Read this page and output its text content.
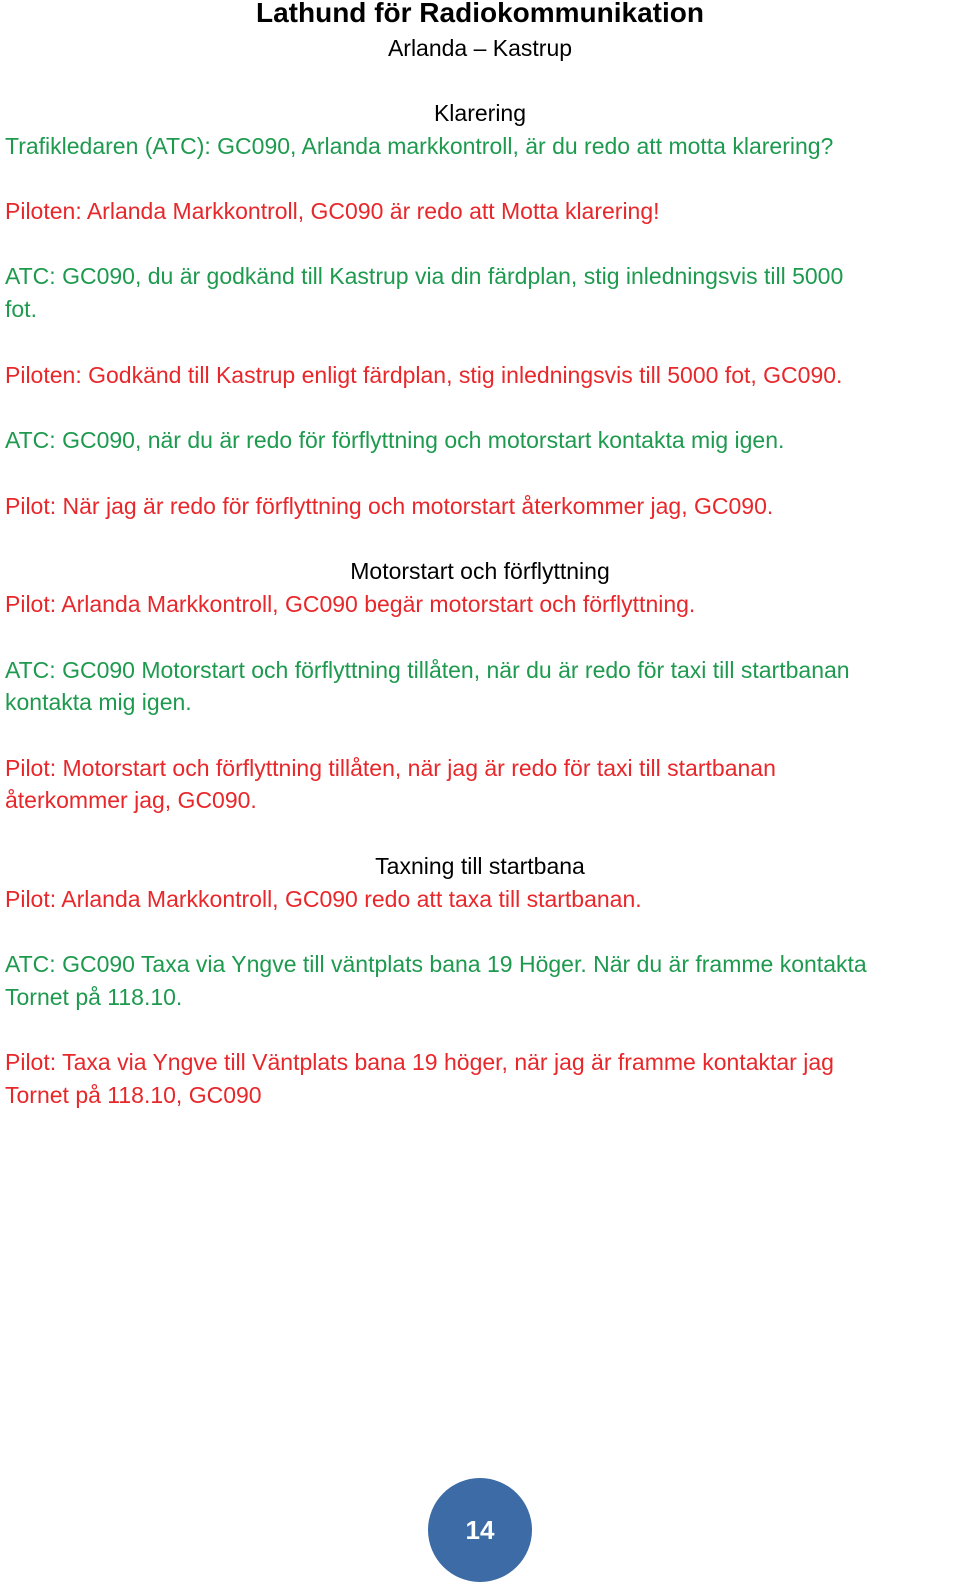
Lathund för Radiokommunikation
Arlanda – Kastrup
Klarering
Trafikledaren (ATC): GC090, Arlanda markkontroll, är du redo att motta klarering?
Piloten: Arlanda Markkontroll, GC090 är redo att Motta klarering!
ATC: GC090, du är godkänd till Kastrup via din färdplan, stig inledningsvis till 5000
fot.
Piloten: Godkänd till Kastrup enligt färdplan, stig inledningsvis till 5000 fot, GC090.
ATC: GC090, när du är redo för förflyttning och motorstart kontakta mig igen.
Pilot: När jag är redo för förflyttning och motorstart återkommer jag, GC090.
Motorstart och förflyttning
Pilot: Arlanda Markkontroll, GC090 begär motorstart och förflyttning.
ATC: GC090 Motorstart och förflyttning tillåten, när du är redo för taxi till startbanan
kontakta mig igen.
Pilot: Motorstart och förflyttning tillåten, när jag är redo för taxi till startbanan
återkommer jag, GC090.
Taxning till startbana
Pilot: Arlanda Markkontroll, GC090 redo att taxa till startbanan.
ATC: GC090 Taxa via Yngve till väntplats bana 19 Höger. När du är framme kontakta
Tornet på 118.10.
Pilot: Taxa via Yngve till Väntplats bana 19 höger, när jag är framme kontaktar jag
Tornet på 118.10, GC090
14
